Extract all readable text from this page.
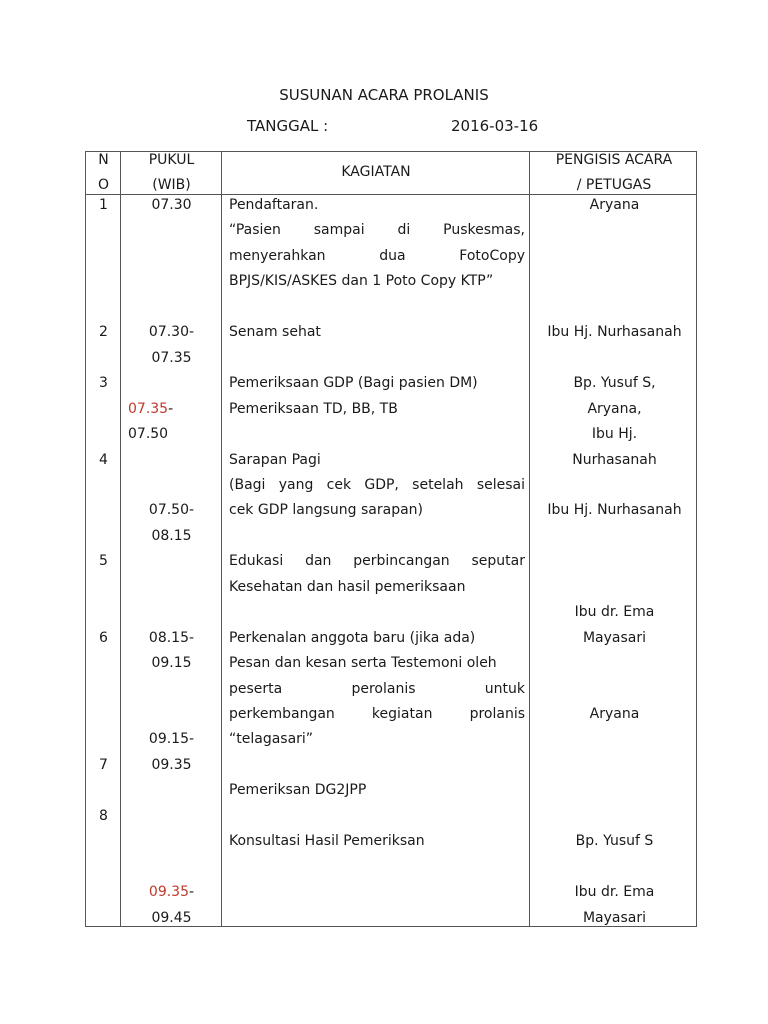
SUSUNAN ACARA PROLANIS
TANGGAL :	2016-03-16
N
O
PUKUL
(WIB)
KAGIATAN
PENGISIS ACARA
/ PETUGAS
1
2
3
4
5
6
7
8
Pendaftaran.
“Pasien sampai di Puskesmas,
menyerahkan dua FotoCopy
BPJS/KIS/ASKES dan 1 Poto Copy KTP”
Senam sehat
Pemeriksaan GDP (Bagi pasien DM)
Pemeriksaan TD, BB, TB
Sarapan Pagi
(Bagi yang cek GDP, setelah selesai
cek GDP langsung sarapan)
Edukasi dan perbincangan seputar
Kesehatan dan hasil pemeriksaan
Perkenalan anggota baru (jika ada)
Pesan dan kesan serta Testemoni oleh
peserta perolanis untuk
perkembangan kegiatan prolanis
“telagasari”
Pemeriksan DG2JPP
Konsultasi Hasil Pemeriksan
Aryana
Ibu Hj. Nurhasanah
Bp. Yusuf S,
Aryana,
Ibu Hj.
Nurhasanah
Ibu Hj. Nurhasanah
Ibu dr. Ema
Mayasari
Aryana
Bp. Yusuf S
Ibu dr. Ema
Mayasari
07.30
07.30-
07.35
07.50
07.50-
08.15
08.15-
09.15
09.15-
09.35
09.45
07.35-
09.35-
